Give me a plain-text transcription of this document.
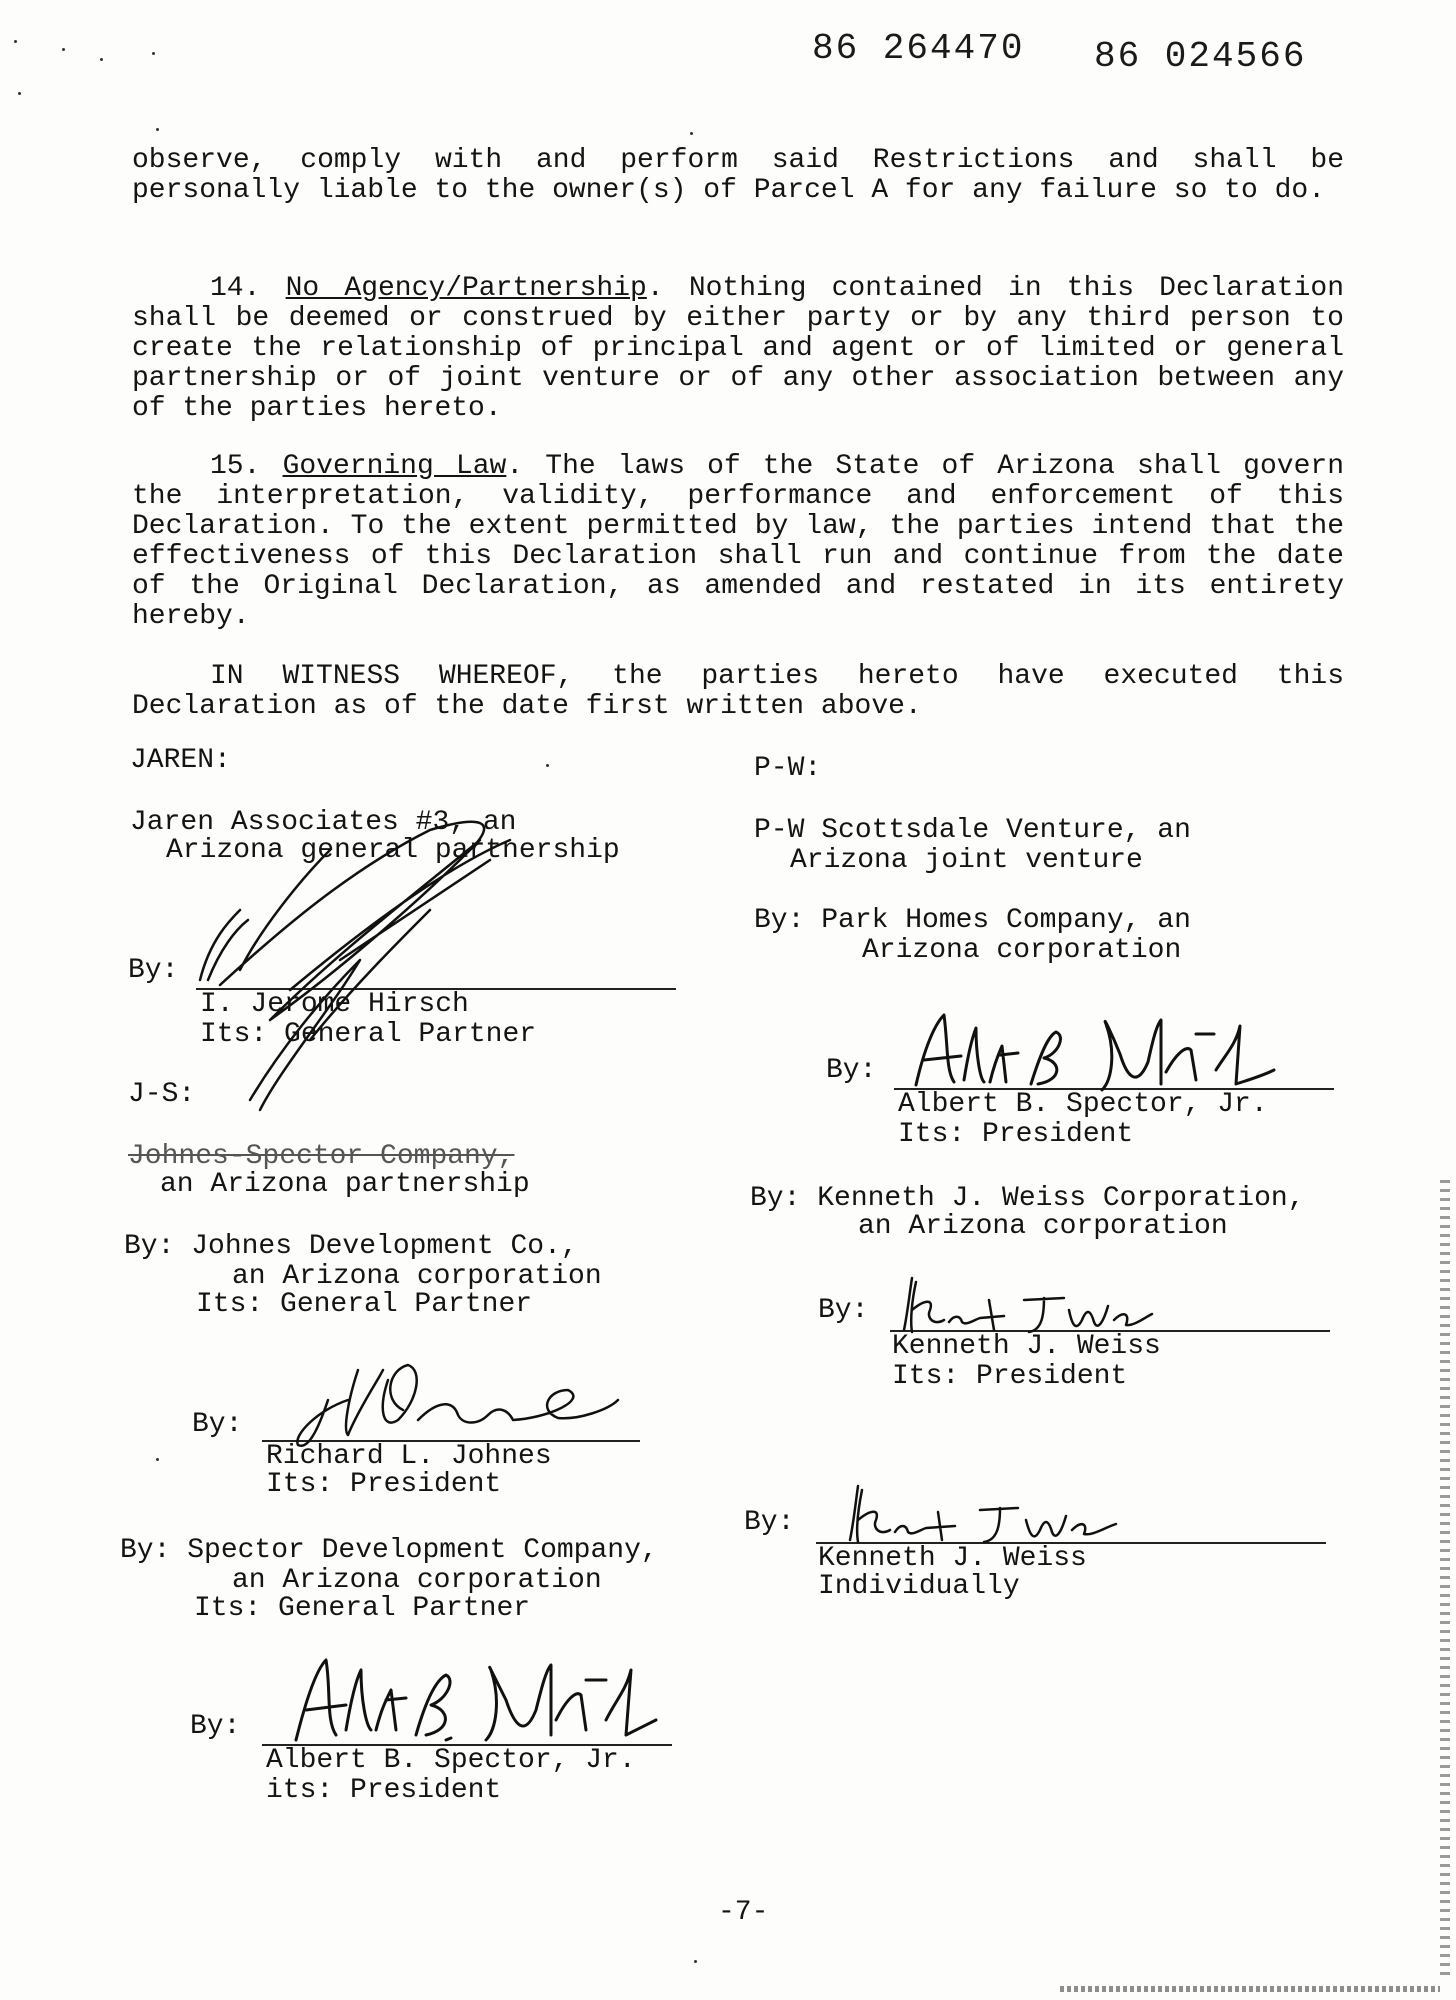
86 264470 86 024566

observe, comply with and perform said Restrictions and shall be personally liable to the owner(s) of Parcel A for any failure so to do.

14. No Agency/Partnership. Nothing contained in this Declaration shall be deemed or construed by either party or by any third person to create the relationship of principal and agent or of limited or general partnership or of joint venture or of any other association between any of the parties hereto.

15. Governing Law. The laws of the State of Arizona shall govern the interpretation, validity, performance and enforcement of this Declaration. To the extent permitted by law, the parties intend that the effectiveness of this Declaration shall run and continue from the date of the Original Declaration, as amended and restated in its entirety hereby.

IN WITNESS WHEREOF, the parties hereto have executed this Declaration as of the date first written above.

JAREN:
Jaren Associates #3, an
Arizona general partnership
By:
I. Jerome Hirsch
Its: General Partner
J-S:
Johnes-Spector Company,
an Arizona partnership
By: Johnes Development Co.,
an Arizona corporation
Its: General Partner
By:
Richard L. Johnes
Its: President
By: Spector Development Company,
an Arizona corporation
Its: General Partner
By:
Albert B. Spector, Jr.
its: President
P-W:
P-W Scottsdale Venture, an
Arizona joint venture
By: Park Homes Company, an
Arizona corporation
By:
Albert B. Spector, Jr.
Its: President
By: Kenneth J. Weiss Corporation,
an Arizona corporation
By:
Kenneth J. Weiss
Its: President
By:
Kenneth J. Weiss
Individually
-7-
